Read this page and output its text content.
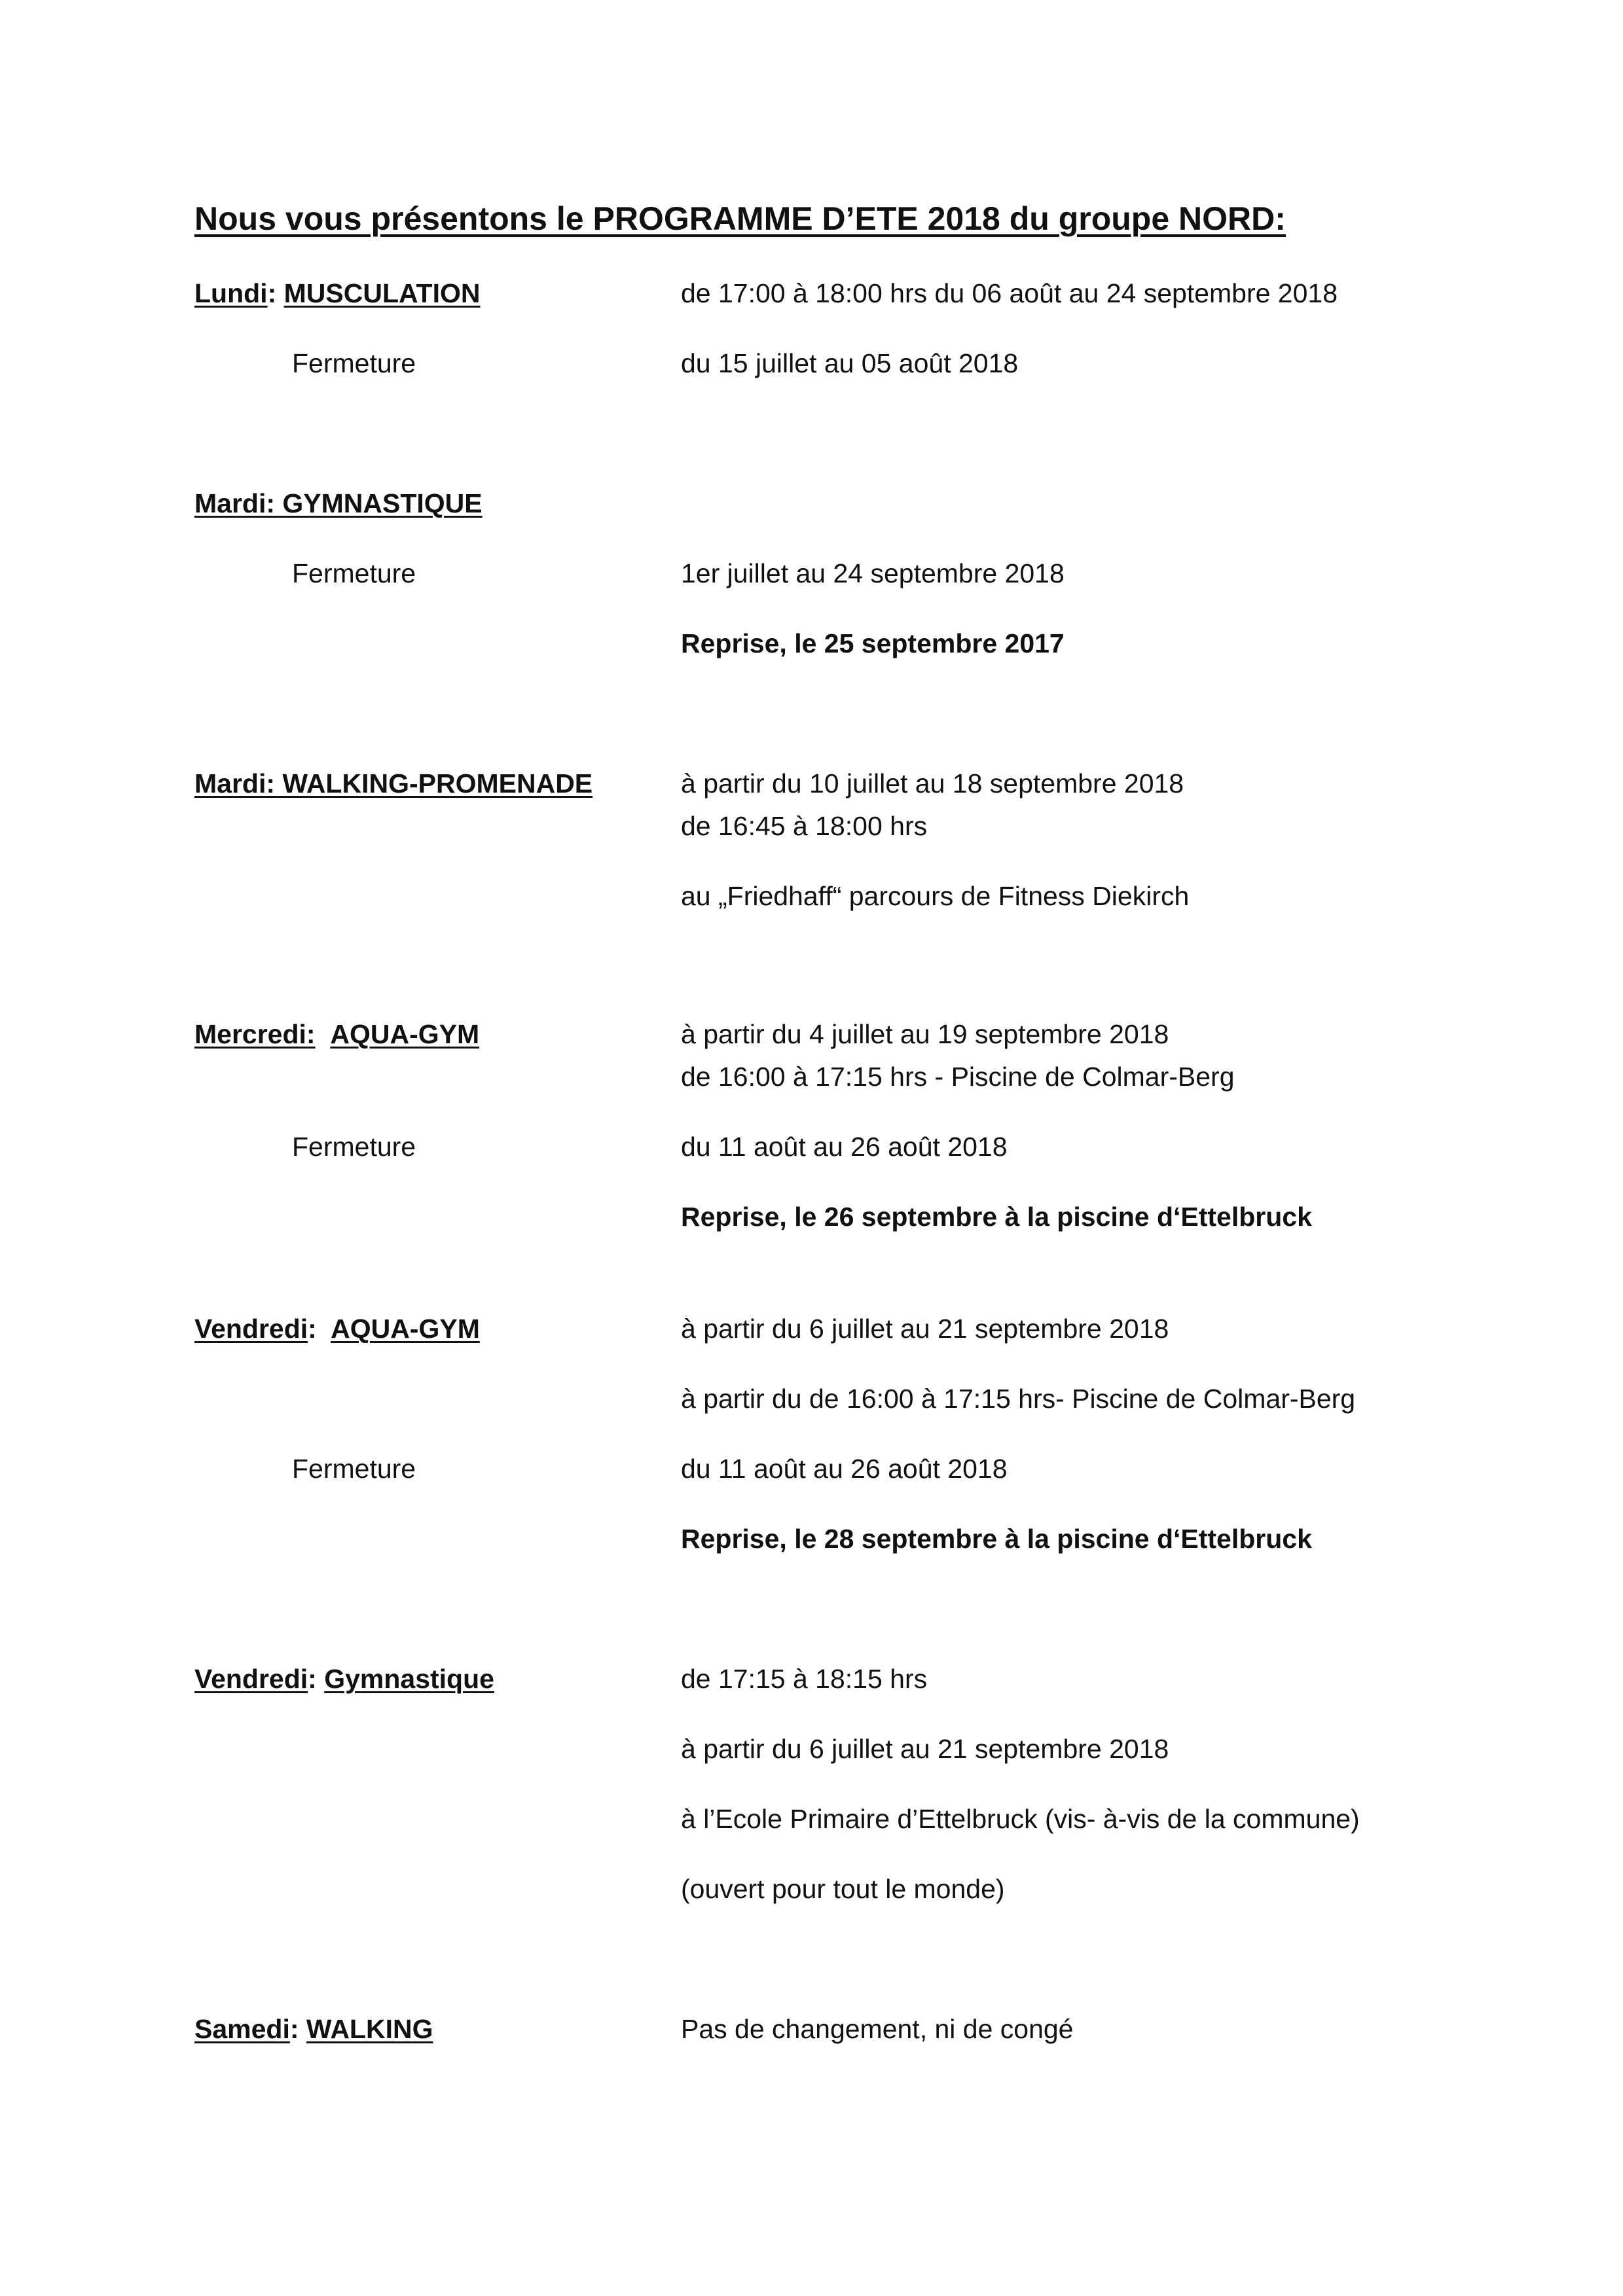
Nous vous présentons le PROGRAMME D’ETE 2018 du groupe NORD:
Lundi: MUSCULATION	de 17:00 à 18:00 hrs du 06 août au 24 septembre 2018
Fermeture	du 15 juillet au 05 août 2018
Mardi: GYMNASTIQUE
Fermeture	1er juillet au 24 septembre 2018
Reprise, le 25 septembre 2017
Mardi: WALKING-PROMENADE	à partir du 10 juillet au 18 septembre 2018
de 16:45 à 18:00 hrs
au „Friedhaff“ parcours de Fitness Diekirch
Mercredi: AQUA-GYM	à partir du 4 juillet au 19 septembre 2018
de 16:00 à 17:15 hrs - Piscine de Colmar-Berg
Fermeture	du 11 août au 26 août 2018
Reprise, le 26 septembre à la piscine d‘Ettelbruck
Vendredi:  AQUA-GYM	à partir du 6 juillet au 21 septembre 2018
à partir du de 16:00 à 17:15 hrs- Piscine de Colmar-Berg
Fermeture	du 11 août au 26 août 2018
Reprise, le 28 septembre à la piscine d‘Ettelbruck
Vendredi: Gymnastique	de 17:15 à 18:15 hrs
à partir du 6 juillet au 21 septembre 2018
à l’Ecole Primaire d’Ettelbruck (vis- à-vis de la commune)
(ouvert pour tout le monde)
Samedi: WALKING	Pas de changement, ni de congé
